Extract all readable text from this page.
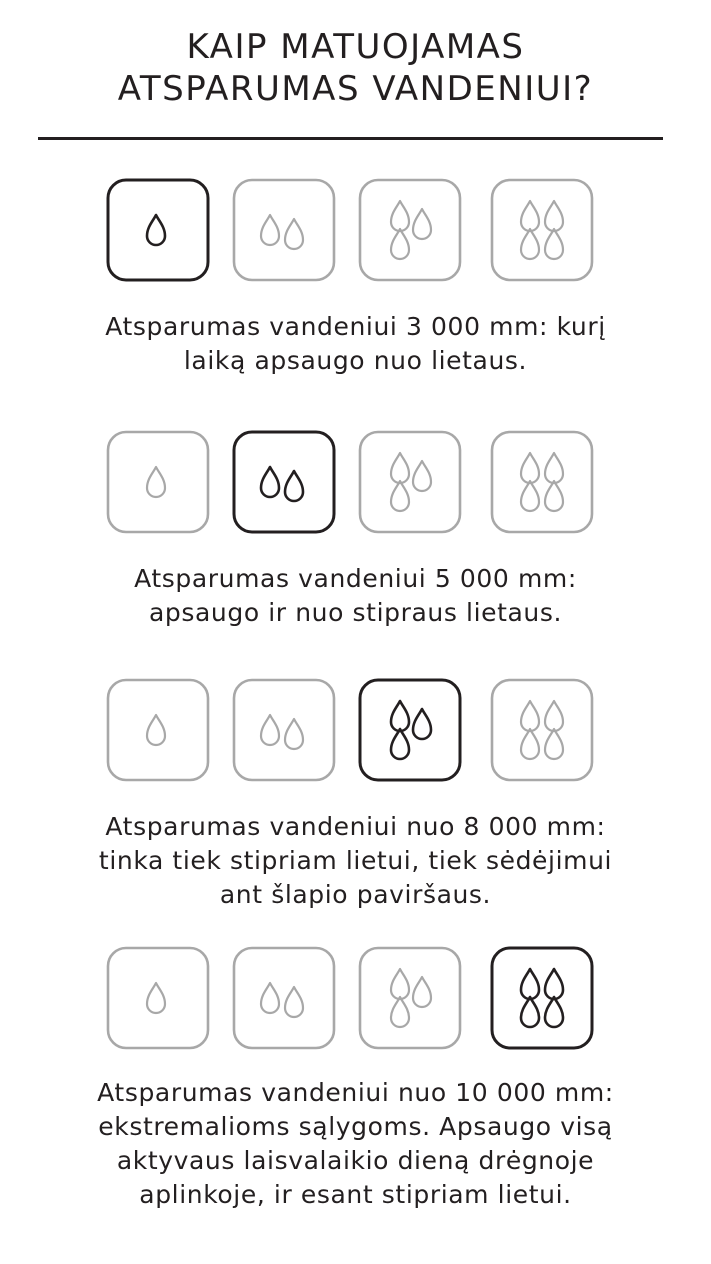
KAIP MATUOJAMAS
ATSPARUMAS VANDENIUI?
Atsparumas vandeniui 3 000 mm: kurį
laiką apsaugo nuo lietaus.
Atsparumas vandeniui 5 000 mm:
apsaugo ir nuo stipraus lietaus.
Atsparumas vandeniui nuo 8 000 mm:
tinka tiek stipriam lietui, tiek sėdėjimui
ant šlapio paviršaus.
Atsparumas vandeniui nuo 10 000 mm:
ekstremalioms sąlygoms. Apsaugo visą
aktyvaus laisvalaikio dieną drėgnoje
aplinkoje, ir esant stipriam lietui.
